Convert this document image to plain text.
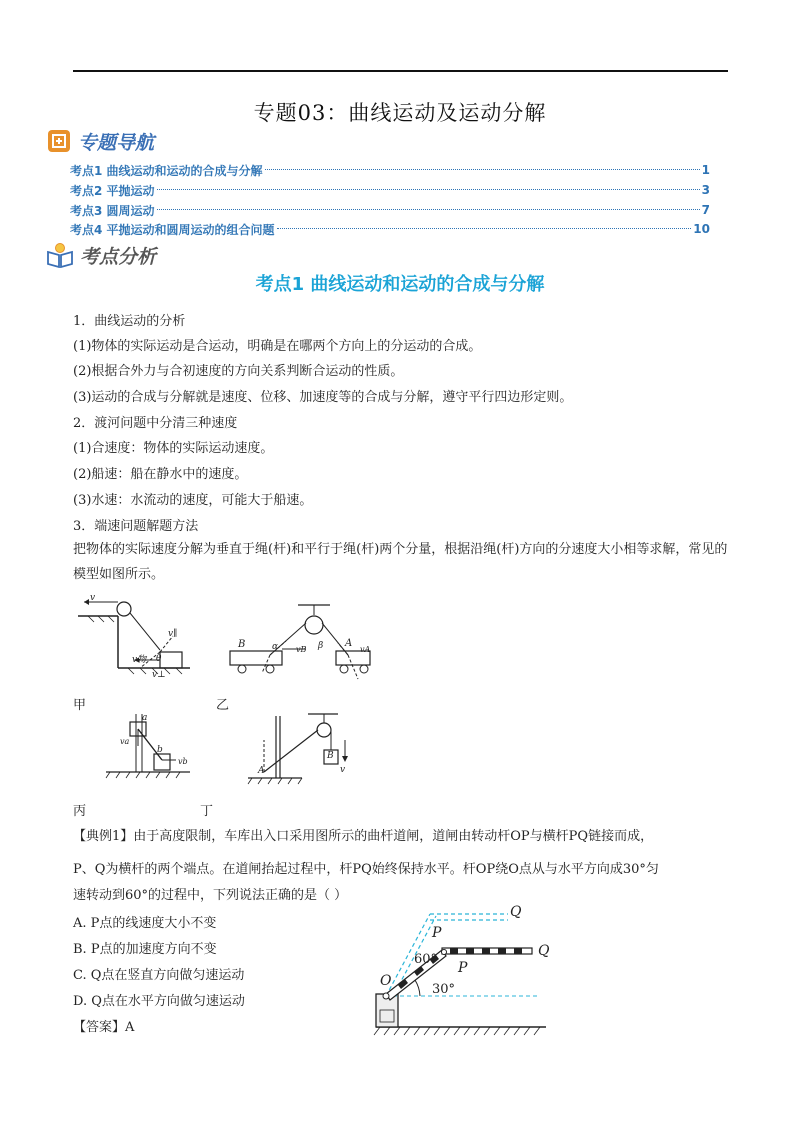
专题03：曲线运动及运动分解
专题导航
考点1 曲线运动和运动的合成与分解	1
考点2 平抛运动	3
考点3 圆周运动	7
考点4 平抛运动和圆周运动的组合问题	10
考点分析
考点1 曲线运动和运动的合成与分解
1．曲线运动的分析
(1)物体的实际运动是合运动，明确是在哪两个方向上的分运动的合成。
(2)根据合外力与合初速度的方向关系判断合运动的性质。
(3)运动的合成与分解就是速度、位移、加速度等的合成与分解，遵守平行四边形定则。
2．渡河问题中分清三种速度
(1)合速度：物体的实际运动速度。
(2)船速：船在静水中的速度。
(3)水速：水流动的速度，可能大于船速。
3．端速问题解题方法
把物体的实际速度分解为垂直于绳(杆)和平行于绳(杆)两个分量，根据沿绳(杆)方向的分速度大小相等求解，常见的模型如图所示。
v
v∥
v物 θ
v⊥
B	A
α	β
vB	vA
甲	乙
a
b
va
vb
A
B
v
丙	丁
【典例1】由于高度限制，车库出入口采用图所示的曲杆道闸，道闸由转动杆OP与横杆PQ链接而成，
P、Q为横杆的两个端点。在道闸抬起过程中，杆PQ始终保持水平。杆OP绕O点从与水平方向成30°匀
速转动到60°的过程中，下列说法正确的是（ ）
A. P点的线速度大小不变
B. P点的加速度方向不变
C. Q点在竖直方向做匀速运动
D. Q点在水平方向做匀速运动
【答案】A
O
P
Q
P
Q
60°
30°
